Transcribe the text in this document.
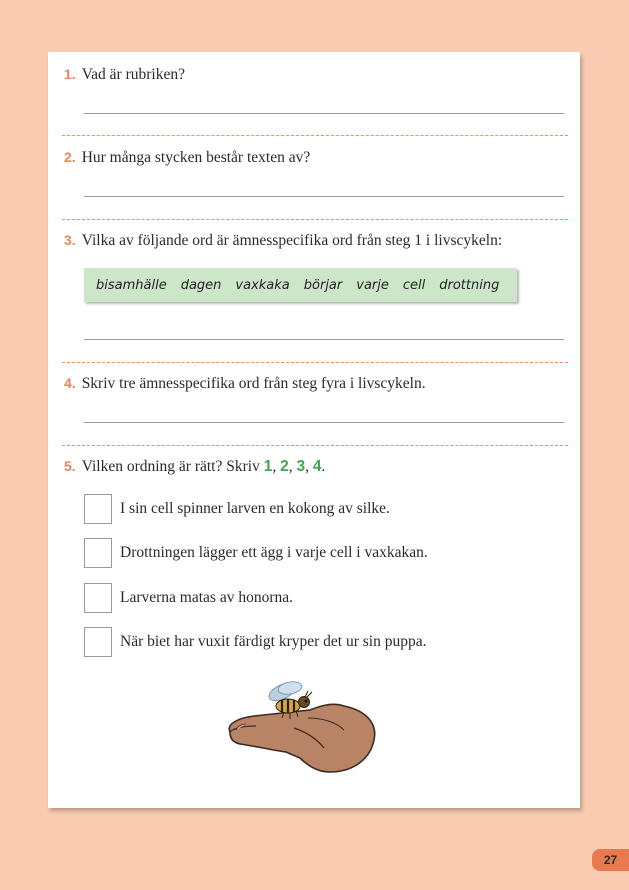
1. Vad är rubriken?
2. Hur många stycken består texten av?
3. Vilka av följande ord är ämnesspecifika ord från steg 1 i livscykeln:
bisamhälle dagen vaxkaka börjar varje cell drottning
4. Skriv tre ämnesspecifika ord från steg fyra i livscykeln.
5. Vilken ordning är rätt? Skriv 1, 2, 3, 4.
I sin cell spinner larven en kokong av silke.
Drottningen lägger ett ägg i varje cell i vaxkakan.
Larverna matas av honorna.
När biet har vuxit färdigt kryper det ur sin puppa.
27
